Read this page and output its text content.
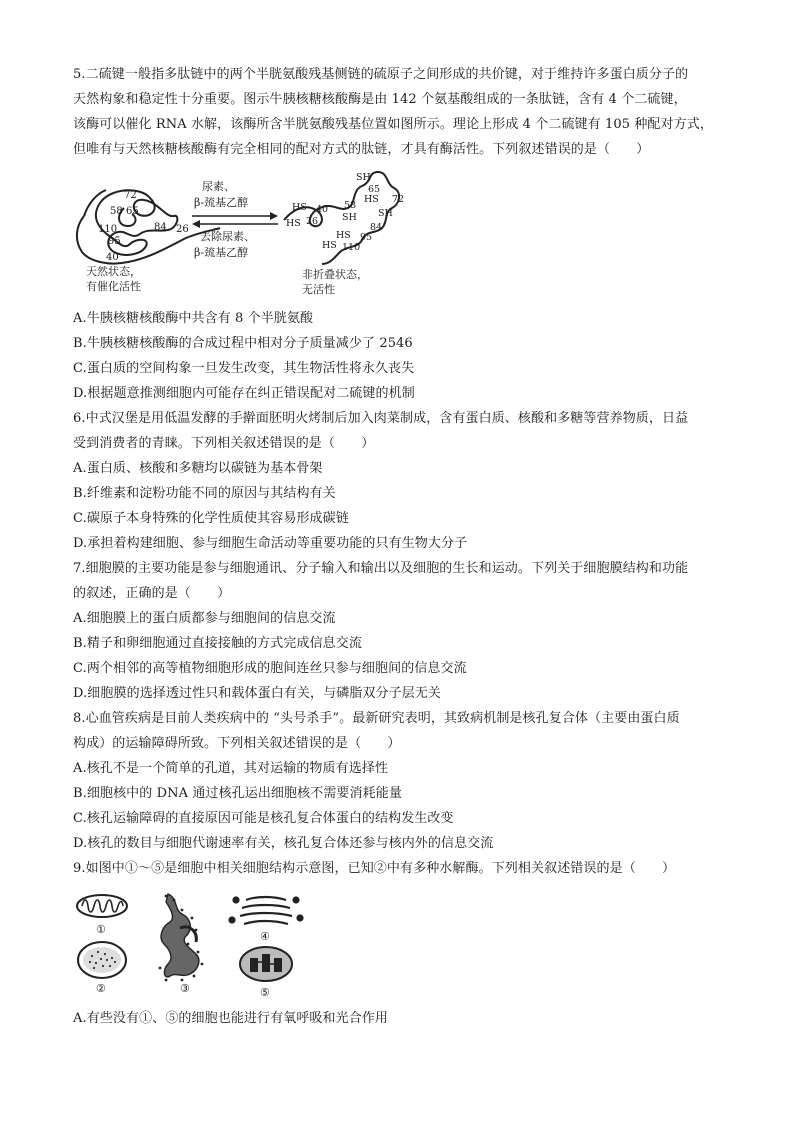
5.二硫键一般指多肽链中的两个半胱氨酸残基侧链的硫原子之间形成的共价键，对于维持许多蛋白质分子的
天然构象和稳定性十分重要。图示牛胰核糖核酸酶是由 142 个氨基酸组成的一条肽链，含有 4 个二硫键，
该酶可以催化 RNA 水解，该酶所含半胱氨酸残基位置如图所示。理论上形成 4 个二硫键有 105 种配对方式，
但唯有与天然核糖核酸酶有完全相同的配对方式的肽链，才具有酶活性。下列叙述错误的是（　　）
72
58 65
110	84 26
95
40
天然状态，
有催化活性
尿素、
β-巯基乙醇
去除尿素、
β-巯基乙醇
SH
65
HS 72
HS 40 58
SH SH
HS 26
84
HS 95
HS 110
非折叠状态，
无活性
A.牛胰核糖核酸酶中共含有 8 个半胱氨酸
B.牛胰核糖核酸酶的合成过程中相对分子质量减少了 2546
C.蛋白质的空间构象一旦发生改变，其生物活性将永久丧失
D.根据题意推测细胞内可能存在纠正错误配对二硫键的机制
6.中式汉堡是用低温发酵的手擀面胚明火烤制后加入肉菜制成，含有蛋白质、核酸和多糖等营养物质，日益
受到消费者的青睐。下列相关叙述错误的是（　　）
A.蛋白质、核酸和多糖均以碳链为基本骨架
B.纤维素和淀粉功能不同的原因与其结构有关
C.碳原子本身特殊的化学性质使其容易形成碳链
D.承担着构建细胞、参与细胞生命活动等重要功能的只有生物大分子
7.细胞膜的主要功能是参与细胞通讯、分子输入和输出以及细胞的生长和运动。下列关于细胞膜结构和功能
的叙述，正确的是（　　）
A.细胞膜上的蛋白质都参与细胞间的信息交流
B.精子和卵细胞通过直接接触的方式完成信息交流
C.两个相邻的高等植物细胞形成的胞间连丝只参与细胞间的信息交流
D.细胞膜的选择透过性只和载体蛋白有关，与磷脂双分子层无关
8.心血管疾病是目前人类疾病中的 “头号杀手”。最新研究表明，其致病机制是核孔复合体（主要由蛋白质
构成）的运输障碍所致。下列相关叙述错误的是（　　）
A.核孔不是一个简单的孔道，其对运输的物质有选择性
B.细胞核中的 DNA 通过核孔运出细胞核不需要消耗能量
C.核孔运输障碍的直接原因可能是核孔复合体蛋白的结构发生改变
D.核孔的数目与细胞代谢速率有关，核孔复合体还参与核内外的信息交流
9.如图中①～⑤是细胞中相关细胞结构示意图，已知②中有多种水解酶。下列相关叙述错误的是（　　）
①
②	③
④
⑤
A.有些没有①、⑤的细胞也能进行有氧呼吸和光合作用
